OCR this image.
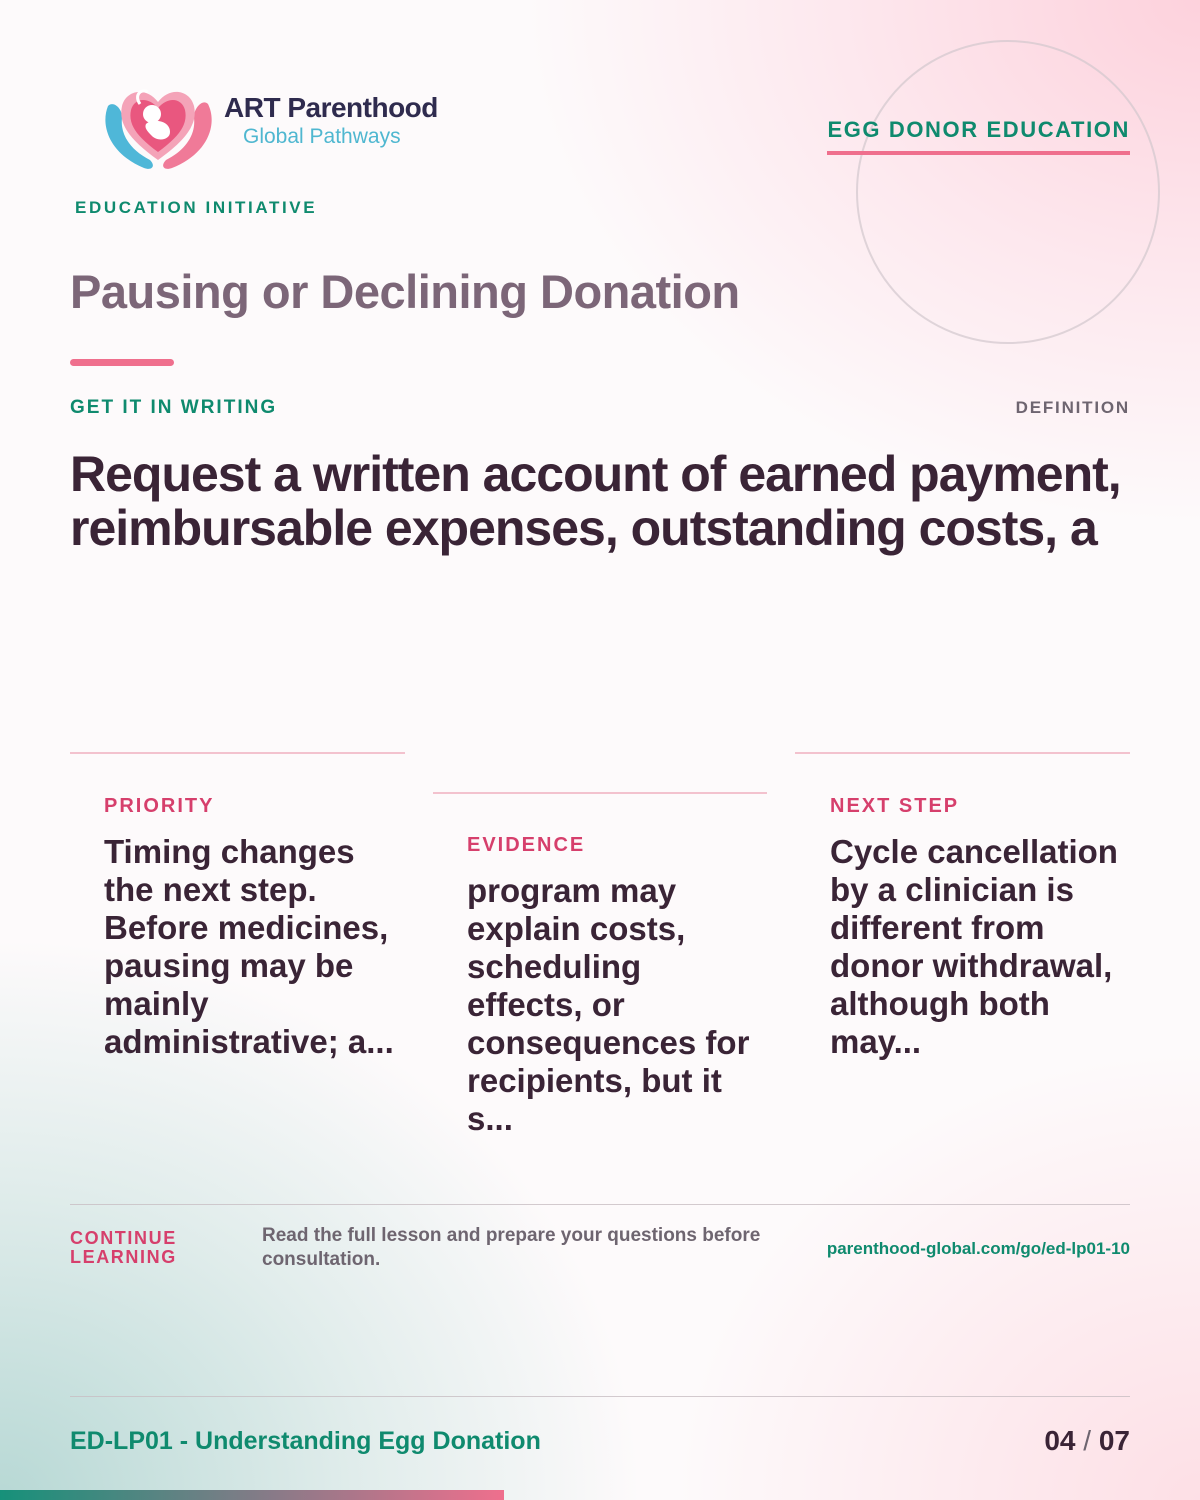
ART Parenthood
Global Pathways
EDUCATION INITIATIVE
EGG DONOR EDUCATION
Pausing or Declining Donation
GET IT IN WRITING	DEFINITION
Request a written account of earned payment, reimbursable expenses, outstanding costs, a
PRIORITY
Timing changes the next step. Before medicines, pausing may be mainly administrative; a...
EVIDENCE
program may explain costs, scheduling effects, or consequences for recipients, but it s...
NEXT STEP
Cycle cancellation by a clinician is different from donor withdrawal, although both may...
CONTINUE LEARNING
Read the full lesson and prepare your questions before consultation.
parenthood-global.com/go/ed-lp01-10
ED-LP01 - Understanding Egg Donation	04 / 07
